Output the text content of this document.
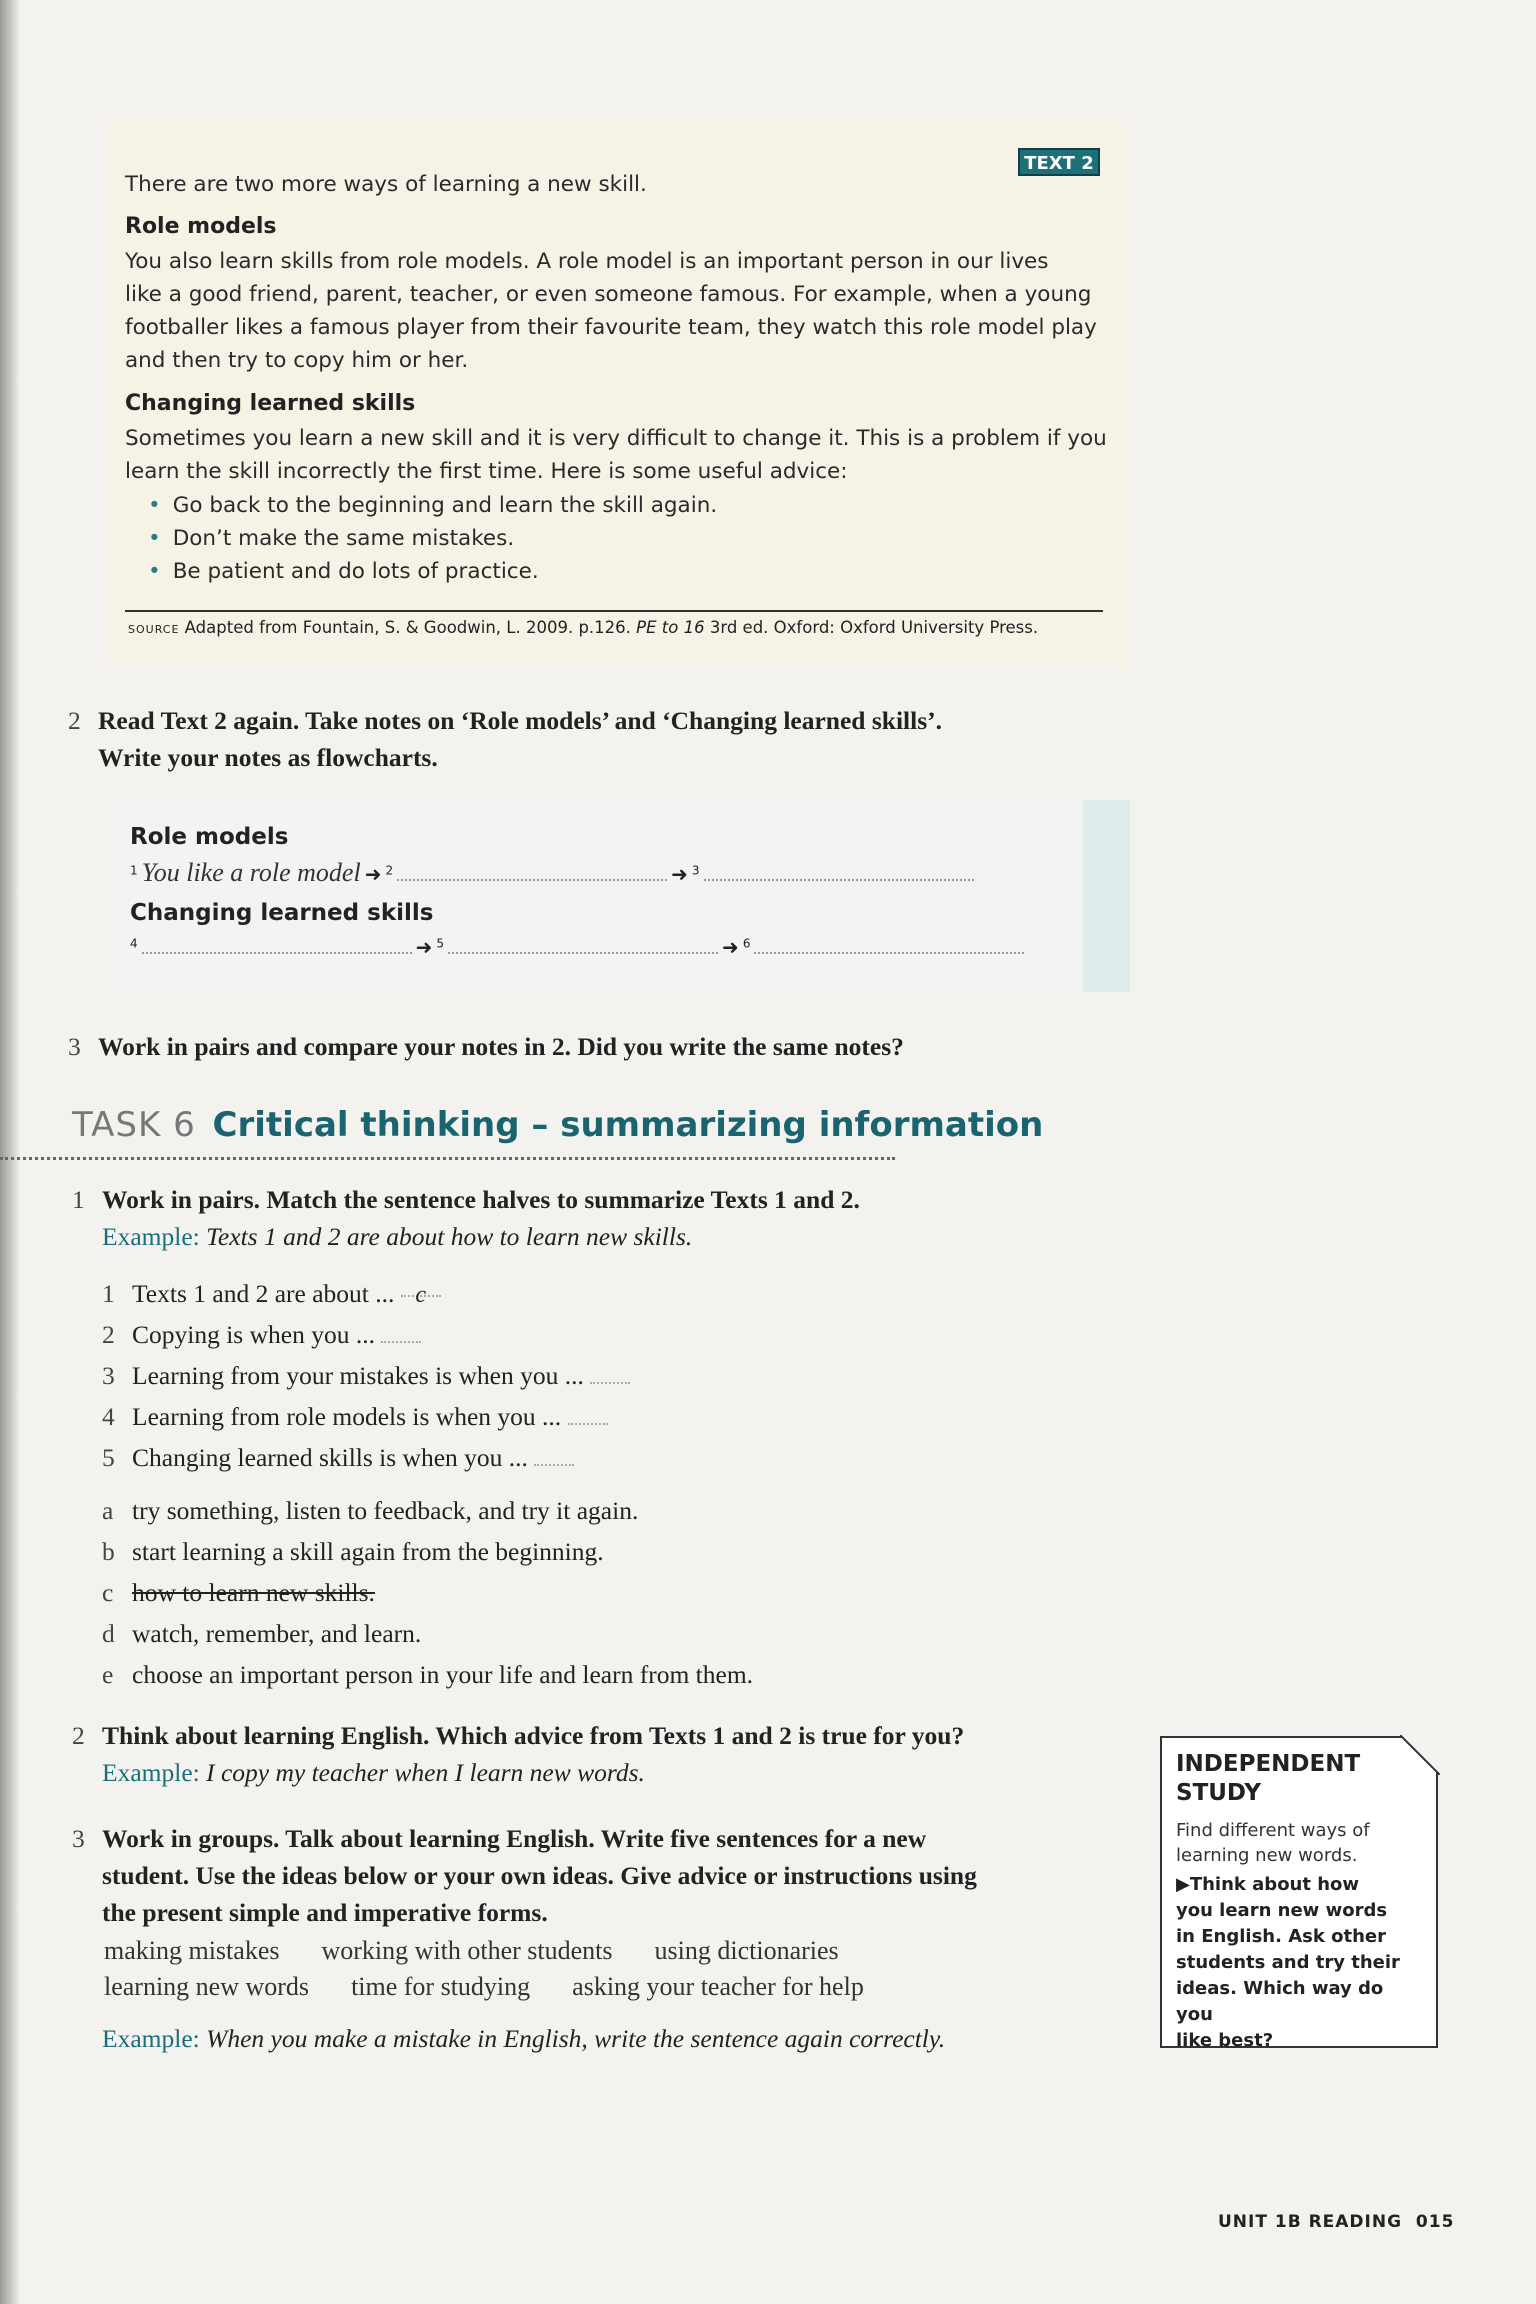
TEXT 2
There are two more ways of learning a new skill.
Role models
You also learn skills from role models. A role model is an important person in our lives
like a good friend, parent, teacher, or even someone famous. For example, when a young
footballer likes a famous player from their favourite team, they watch this role model play
and then try to copy him or her.
Changing learned skills
Sometimes you learn a new skill and it is very difficult to change it. This is a problem if you
learn the skill incorrectly the first time. Here is some useful advice:
• Go back to the beginning and learn the skill again.
• Don’t make the same mistakes.
• Be patient and do lots of practice.
SOURCE Adapted from Fountain, S. & Goodwin, L. 2009. p.126. PE to 16 3rd ed. Oxford: Oxford University Press.
2 Read Text 2 again. Take notes on ‘Role models’ and ‘Changing learned skills’.
Write your notes as flowcharts.
Role models
$^1$ You like a role model ➜ $^2$	➜ $^3$
Changing learned skills
$^4$	➜ $^5$	➜ $^6$
3 Work in pairs and compare your notes in 2. Did you write the same notes?
TASK 6 Critical thinking – summarizing information
1 Work in pairs. Match the sentence halves to summarize Texts 1 and 2.
Example: Texts 1 and 2 are about how to learn new skills.
1 Texts 1 and 2 are about ... c
2 Copying is when you ...
3 Learning from your mistakes is when you ...
4 Learning from role models is when you ...
5 Changing learned skills is when you ...
a try something, listen to feedback, and try it again.
b start learning a skill again from the beginning.
c how to learn new skills.
d watch, remember, and learn.
e choose an important person in your life and learn from them.
2 Think about learning English. Which advice from Texts 1 and 2 is true for you?
Example: I copy my teacher when I learn new words.
3 Work in groups. Talk about learning English. Write five sentences for a new
student. Use the ideas below or your own ideas. Give advice or instructions using
the present simple and imperative forms.
making mistakes working with other students using dictionaries
learning new words time for studying asking your teacher for help
Example: When you make a mistake in English, write the sentence again correctly.
INDEPENDENT
STUDY
Find different ways of
learning new words.
▶Think about how
you learn new words
in English. Ask other
students and try their
ideas. Which way do you
like best?
UNIT 1B READING 015
